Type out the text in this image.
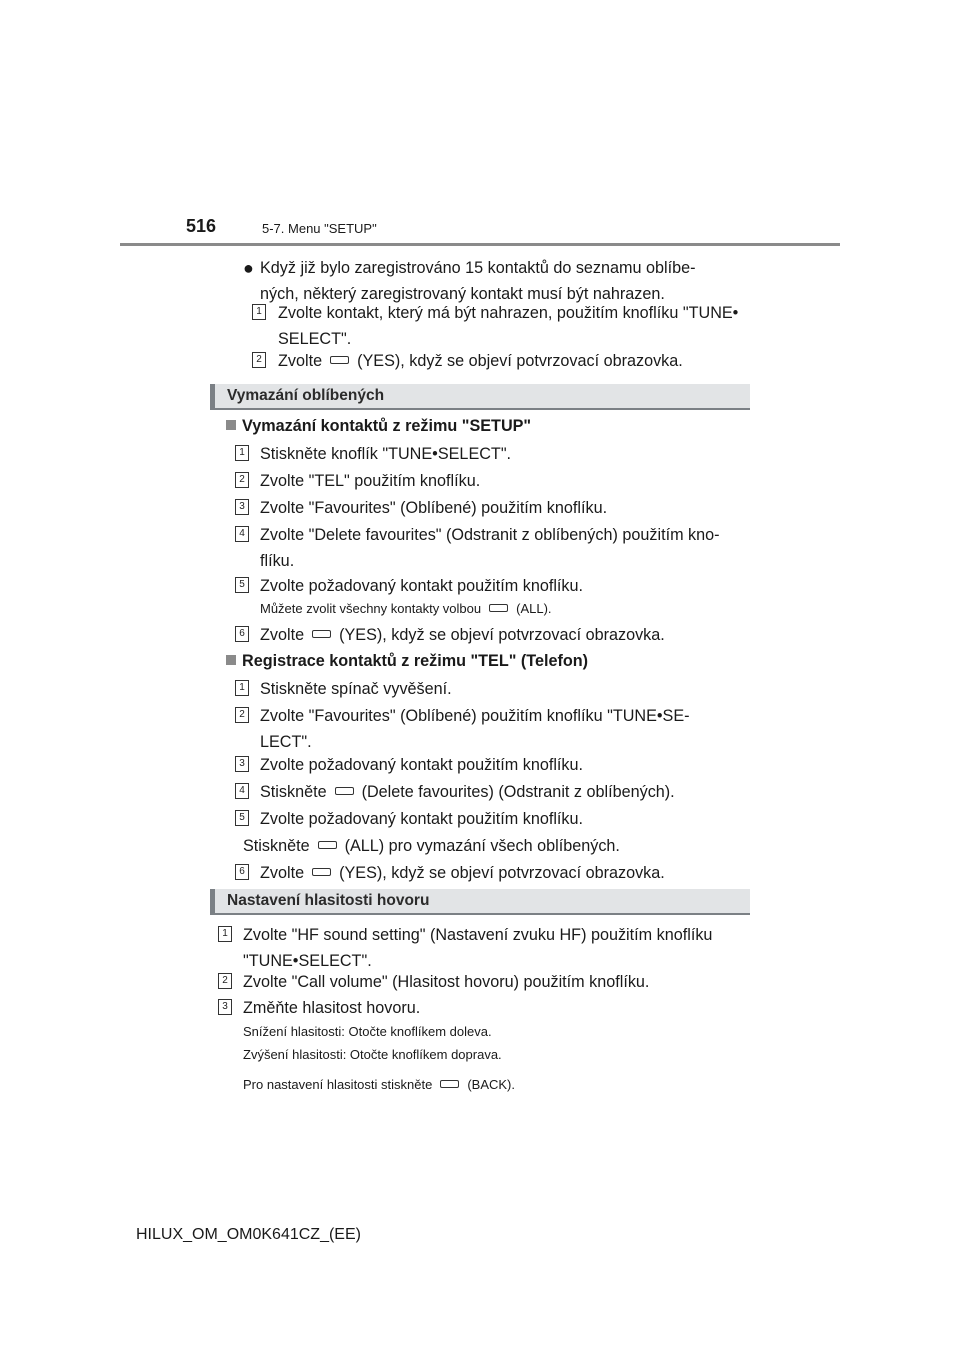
516	5-7. Menu "SETUP"
● Když již bylo zaregistrováno 15 kontaktů do seznamu oblíbe-
ných, některý zaregistrovaný kontakt musí být nahrazen.
1 Zvolte kontakt, který má být nahrazen, použitím knoflíku "TUNE•
SELECT".
2 Zvolte (YES), když se objeví potvrzovací obrazovka.
Vymazání oblíbených
Vymazání kontaktů z režimu "SETUP"
1 Stiskněte knoflík "TUNE•SELECT".
2 Zvolte "TEL" použitím knoflíku.
3 Zvolte "Favourites" (Oblíbené) použitím knoflíku.
4 Zvolte "Delete favourites" (Odstranit z oblíbených) použitím kno-
flíku.
5 Zvolte požadovaný kontakt použitím knoflíku.
Můžete zvolit všechny kontakty volbou	(ALL).
6 Zvolte (YES), když se objeví potvrzovací obrazovka.
Registrace kontaktů z režimu "TEL" (Telefon)
1 Stiskněte spínač vyvěšení.
2 Zvolte "Favourites" (Oblíbené) použitím knoflíku "TUNE•SE-
LECT".
3 Zvolte požadovaný kontakt použitím knoflíku.
4 Stiskněte (Delete favourites) (Odstranit z oblíbených).
5 Zvolte požadovaný kontakt použitím knoflíku.
Stiskněte (ALL) pro vymazání všech oblíbených.
6 Zvolte (YES), když se objeví potvrzovací obrazovka.
Nastavení hlasitosti hovoru
1 Zvolte "HF sound setting" (Nastavení zvuku HF) použitím knoflíku
"TUNE•SELECT".
2 Zvolte "Call volume" (Hlasitost hovoru) použitím knoflíku.
3 Změňte hlasitost hovoru.
Snížení hlasitosti: Otočte knoflíkem doleva.
Zvýšení hlasitosti: Otočte knoflíkem doprava.
Pro nastavení hlasitosti stiskněte	(BACK).
HILUX_OM_OM0K641CZ_(EE)
